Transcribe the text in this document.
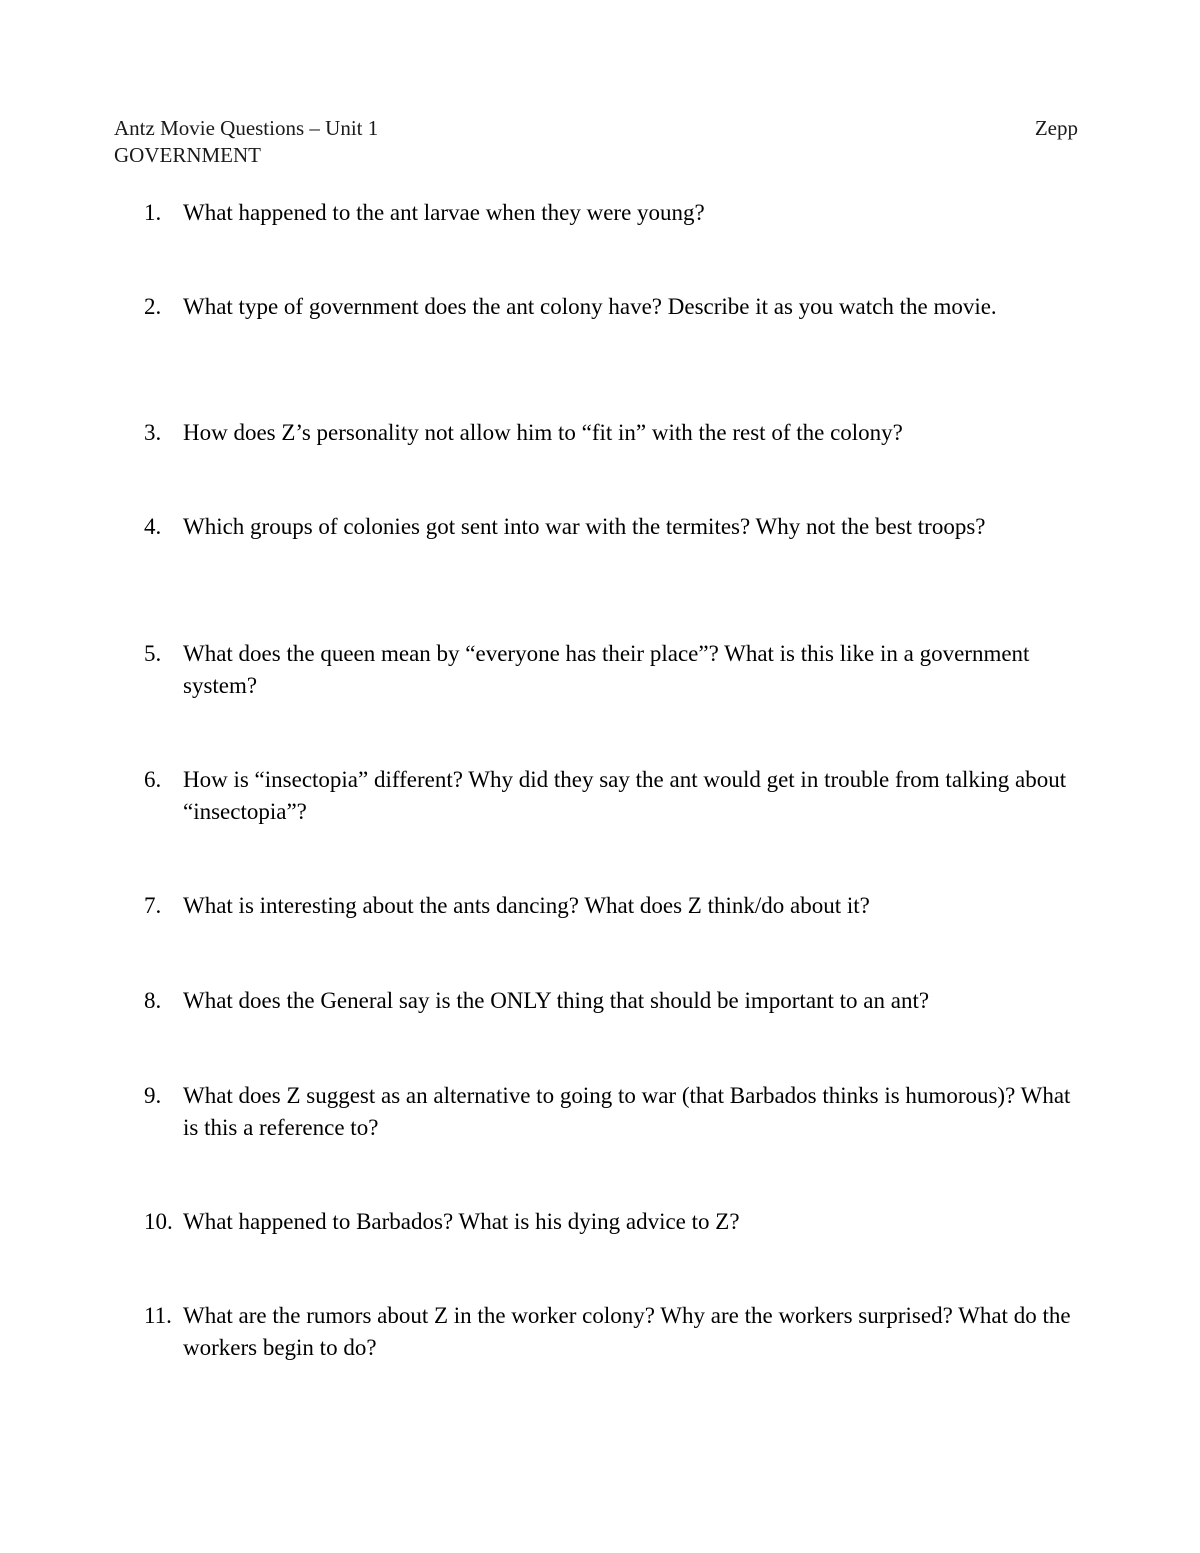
Antz Movie Questions – Unit 1
GOVERNMENT
Zepp
1. What happened to the ant larvae when they were young?
2. What type of government does the ant colony have? Describe it as you watch the movie.
3. How does Z’s personality not allow him to “fit in” with the rest of the colony?
4. Which groups of colonies got sent into war with the termites? Why not the best troops?
5. What does the queen mean by “everyone has their place”? What is this like in a government system?
6. How is “insectopia” different? Why did they say the ant would get in trouble from talking about “insectopia”?
7. What is interesting about the ants dancing? What does Z think/do about it?
8. What does the General say is the ONLY thing that should be important to an ant?
9. What does Z suggest as an alternative to going to war (that Barbados thinks is humorous)? What is this a reference to?
10. What happened to Barbados? What is his dying advice to Z?
11. What are the rumors about Z in the worker colony? Why are the workers surprised? What do the workers begin to do?
